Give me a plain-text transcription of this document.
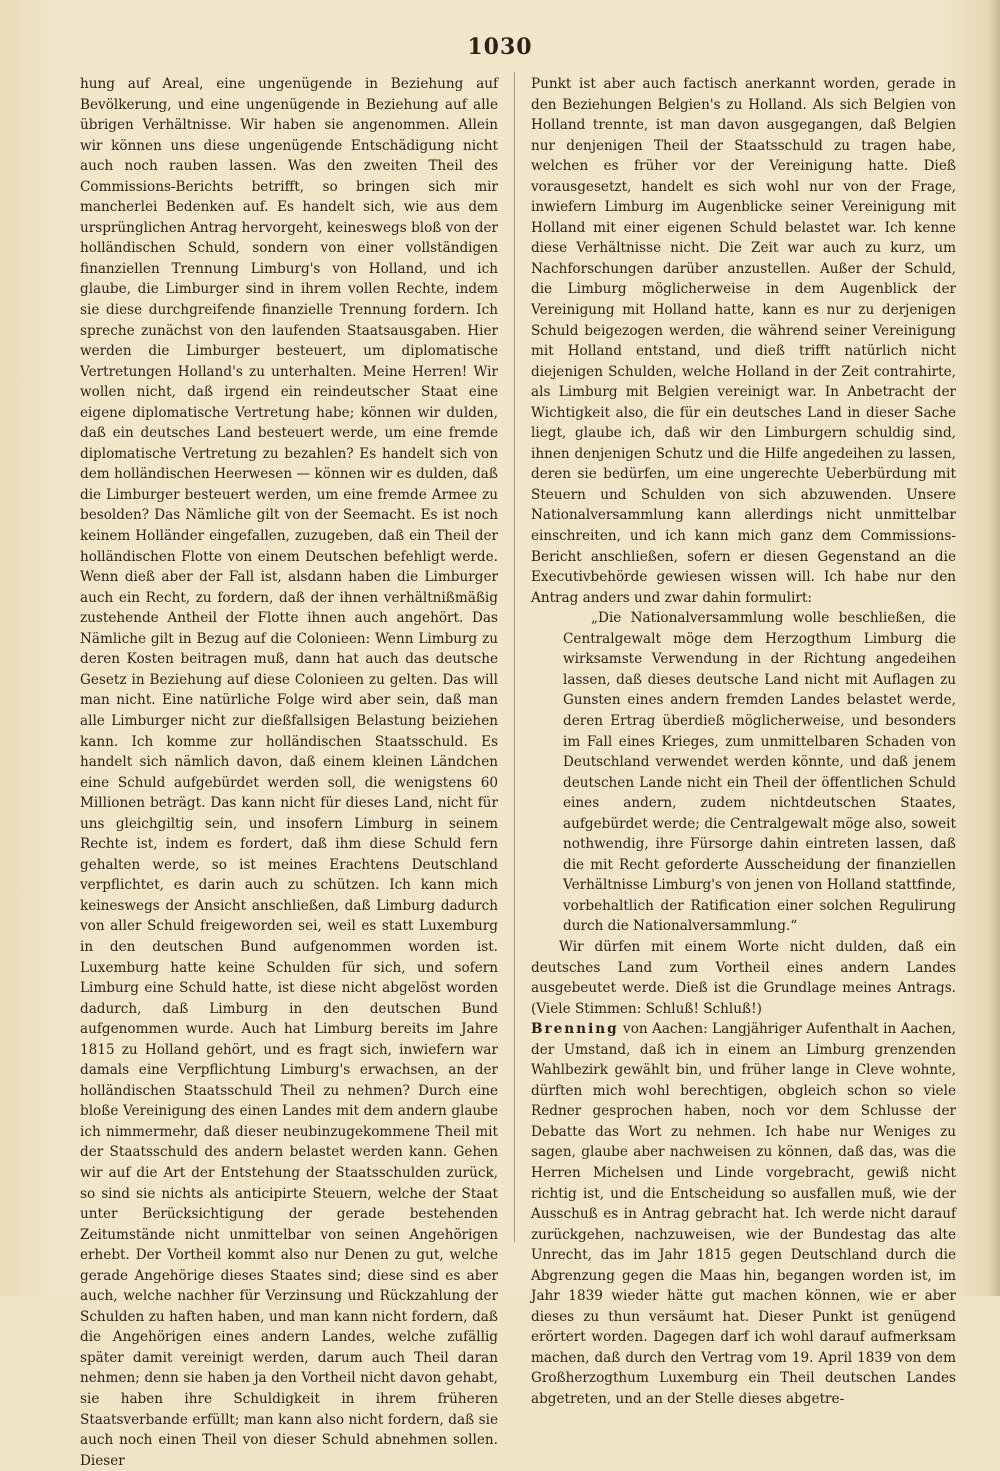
1030

hung auf Areal, eine ungenügende in Beziehung auf Bevölkerung, und eine ungenügende in Beziehung auf alle übrigen Verhältnisse. Wir haben sie angenommen. Allein wir können uns diese ungenügende Entschädigung nicht auch noch rauben lassen. Was den zweiten Theil des Commissions-Berichts betrifft, so bringen sich mir mancherlei Bedenken auf. Es handelt sich, wie aus dem ursprünglichen Antrag hervorgeht, keineswegs bloß von der holländischen Schuld, sondern von einer vollständigen finanziellen Trennung Limburg's von Holland, und ich glaube, die Limburger sind in ihrem vollen Rechte, indem sie diese durchgreifende finanzielle Trennung fordern. Ich spreche zunächst von den laufenden Staatsausgaben. Hier werden die Limburger besteuert, um diplomatische Vertretungen Holland's zu unterhalten. Meine Herren! Wir wollen nicht, daß irgend ein reindeutscher Staat eine eigene diplomatische Vertretung habe; können wir dulden, daß ein deutsches Land besteuert werde, um eine fremde diplomatische Vertretung zu bezahlen? Es handelt sich von dem holländischen Heerwesen — können wir es dulden, daß die Limburger besteuert werden, um eine fremde Armee zu besolden? Das Nämliche gilt von der Seemacht. Es ist noch keinem Holländer eingefallen, zuzugeben, daß ein Theil der holländischen Flotte von einem Deutschen befehligt werde. Wenn dieß aber der Fall ist, alsdann haben die Limburger auch ein Recht, zu fordern, daß der ihnen verhältnißmäßig zustehende Antheil der Flotte ihnen auch angehört. Das Nämliche gilt in Bezug auf die Colonieen: Wenn Limburg zu deren Kosten beitragen muß, dann hat auch das deutsche Gesetz in Beziehung auf diese Colonieen zu gelten. Das will man nicht. Eine natürliche Folge wird aber sein, daß man alle Limburger nicht zur dießfallsigen Belastung beiziehen kann. Ich komme zur holländischen Staatsschuld. Es handelt sich nämlich davon, daß einem kleinen Ländchen eine Schuld aufgebürdet werden soll, die wenigstens 60 Millionen beträgt. Das kann nicht für dieses Land, nicht für uns gleichgiltig sein, und insofern Limburg in seinem Rechte ist, indem es fordert, daß ihm diese Schuld fern gehalten werde, so ist meines Erachtens Deutschland verpflichtet, es darin auch zu schützen. Ich kann mich keineswegs der Ansicht anschließen, daß Limburg dadurch von aller Schuld freigeworden sei, weil es statt Luxemburg in den deutschen Bund aufgenommen worden ist. Luxemburg hatte keine Schulden für sich, und sofern Limburg eine Schuld hatte, ist diese nicht abgelöst worden dadurch, daß Limburg in den deutschen Bund aufgenommen wurde. Auch hat Limburg bereits im Jahre 1815 zu Holland gehört, und es fragt sich, inwiefern war damals eine Verpflichtung Limburg's erwachsen, an der holländischen Staatsschuld Theil zu nehmen? Durch eine bloße Vereinigung des einen Landes mit dem andern glaube ich nimmermehr, daß dieser neubinzugekommene Theil mit der Staatsschuld des andern belastet werden kann. Gehen wir auf die Art der Entstehung der Staatsschulden zurück, so sind sie nichts als anticipirte Steuern, welche der Staat unter Berücksichtigung der gerade bestehenden Zeitumstände nicht unmittelbar von seinen Angehörigen erhebt. Der Vortheil kommt also nur Denen zu gut, welche gerade Angehörige dieses Staates sind; diese sind es aber auch, welche nachher für Verzinsung und Rückzahlung der Schulden zu haften haben, und man kann nicht fordern, daß die Angehörigen eines andern Landes, welche zufällig später damit vereinigt werden, darum auch Theil daran nehmen; denn sie haben ja den Vortheil nicht davon gehabt, sie haben ihre Schuldigkeit in ihrem früheren Staatsverbande erfüllt; man kann also nicht fordern, daß sie auch noch einen Theil von dieser Schuld abnehmen sollen. Dieser

Punkt ist aber auch factisch anerkannt worden, gerade in den Beziehungen Belgien's zu Holland. Als sich Belgien von Holland trennte, ist man davon ausgegangen, daß Belgien nur denjenigen Theil der Staatsschuld zu tragen habe, welchen es früher vor der Vereinigung hatte. Dieß vorausgesetzt, handelt es sich wohl nur von der Frage, inwiefern Limburg im Augenblicke seiner Vereinigung mit Holland mit einer eigenen Schuld belastet war. Ich kenne diese Verhältnisse nicht. Die Zeit war auch zu kurz, um Nachforschungen darüber anzustellen. Außer der Schuld, die Limburg möglicherweise in dem Augenblick der Vereinigung mit Holland hatte, kann es nur zu derjenigen Schuld beigezogen werden, die während seiner Vereinigung mit Holland entstand, und dieß trifft natürlich nicht diejenigen Schulden, welche Holland in der Zeit contrahirte, als Limburg mit Belgien vereinigt war. In Anbetracht der Wichtigkeit also, die für ein deutsches Land in dieser Sache liegt, glaube ich, daß wir den Limburgern schuldig sind, ihnen denjenigen Schutz und die Hilfe angedeihen zu lassen, deren sie bedürfen, um eine ungerechte Ueberbürdung mit Steuern und Schulden von sich abzuwenden. Unsere Nationalversammlung kann allerdings nicht unmittelbar einschreiten, und ich kann mich ganz dem Commissions-Bericht anschließen, sofern er diesen Gegenstand an die Executivbehörde gewiesen wissen will. Ich habe nur den Antrag anders und zwar dahin formulirt:

„Die Nationalversammlung wolle beschließen, die Centralgewalt möge dem Herzogthum Limburg die wirksamste Verwendung in der Richtung angedeihen lassen, daß dieses deutsche Land nicht mit Auflagen zu Gunsten eines andern fremden Landes belastet werde, deren Ertrag überdieß möglicherweise, und besonders im Fall eines Krieges, zum unmittelbaren Schaden von Deutschland verwendet werden könnte, und daß jenem deutschen Lande nicht ein Theil der öffentlichen Schuld eines andern, zudem nichtdeutschen Staates, aufgebürdet werde; die Centralgewalt möge also, soweit nothwendig, ihre Fürsorge dahin eintreten lassen, daß die mit Recht geforderte Ausscheidung der finanziellen Verhältnisse Limburg's von jenen von Holland stattfinde, vorbehaltlich der Ratification einer solchen Regulirung durch die Nationalversammlung.“

Wir dürfen mit einem Worte nicht dulden, daß ein deutsches Land zum Vortheil eines andern Landes ausgebeutet werde. Dieß ist die Grundlage meines Antrags. (Viele Stimmen: Schluß! Schluß!)

Brenning von Aachen: Langjähriger Aufenthalt in Aachen, der Umstand, daß ich in einem an Limburg grenzenden Wahlbezirk gewählt bin, und früher lange in Cleve wohnte, dürften mich wohl berechtigen, obgleich schon so viele Redner gesprochen haben, noch vor dem Schlusse der Debatte das Wort zu nehmen. Ich habe nur Weniges zu sagen, glaube aber nachweisen zu können, daß das, was die Herren Michelsen und Linde vorgebracht, gewiß nicht richtig ist, und die Entscheidung so ausfallen muß, wie der Ausschuß es in Antrag gebracht hat. Ich werde nicht darauf zurückgehen, nachzuweisen, wie der Bundestag das alte Unrecht, das im Jahr 1815 gegen Deutschland durch die Abgrenzung gegen die Maas hin, begangen worden ist, im Jahr 1839 wieder hätte gut machen können, wie er aber dieses zu thun versäumt hat. Dieser Punkt ist genügend erörtert worden. Dagegen darf ich wohl darauf aufmerksam machen, daß durch den Vertrag vom 19. April 1839 von dem Großherzogthum Luxemburg ein Theil deutschen Landes abgetreten, und an der Stelle dieses abgetre-
